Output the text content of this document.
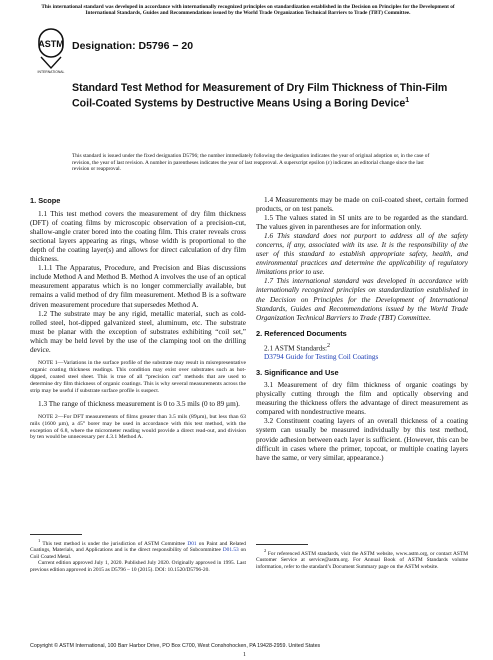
This international standard was developed in accordance with internationally recognized principles on standardization established in the Decision on Principles for the Development of International Standards, Guides and Recommendations issued by the World Trade Organization Technical Barriers to Trade (TBT) Committee.
ASTM
INTERNATIONAL
Designation: D5796 − 20
Standard Test Method for Measurement of Dry Film Thickness of Thin-Film Coil-Coated Systems by Destructive Means Using a Boring Device$^1$
This standard is issued under the fixed designation D5796; the number immediately following the designation indicates the year of original adoption or, in the case of revision, the year of last revision. A number in parentheses indicates the year of last reapproval. A superscript epsilon (ε) indicates an editorial change since the last revision or reapproval.

1. Scope

1.1 This test method covers the measurement of dry film thickness (DFT) of coating films by microscopic observation of a precision-cut, shallow-angle crater bored into the coating film. This crater reveals cross sectional layers appearing as rings, whose width is proportional to the depth of the coating layer(s) and allows for direct calculation of dry film thickness.

1.1.1 The Apparatus, Procedure, and Precision and Bias discussions include Method A and Method B. Method A involves the use of an optical measurement apparatus which is no longer commercially available, but remains a valid method of dry film measurement. Method B is a software driven measurement procedure that supersedes Method A.

1.2 The substrate may be any rigid, metallic material, such as cold-rolled steel, hot-dipped galvanized steel, aluminum, etc. The substrate must be planar with the exception of substrates exhibiting “coil set,” which may be held level by the use of the clamping tool on the drilling device.

NOTE 1—Variations in the surface profile of the substrate may result in misrepresentative organic coating thickness readings. This condition may exist over substrates such as hot-dipped, coated steel sheet. This is true of all “precision cut” methods that are used to determine dry film thickness of organic coatings. This is why several measurements across the strip may be useful if substrate surface profile is suspect.

1.3 The range of thickness measurement is 0 to 3.5 mils (0 to 89 µm).

NOTE 2—For DFT measurements of films greater than 3.5 mils (89µm), but less than 63 mils (1600 µm), a 45° borer may be used in accordance with this test method, with the exception of 6.8, where the micrometer reading would provide a direct read-out, and division by ten would be unnecessary per 4.3.1 Method A.

$^1$ This test method is under the jurisdiction of ASTM Committee D01 on Paint and Related Coatings, Materials, and Applications and is the direct responsibility of Subcommittee D01.53 on Coil Coated Metal.

Current edition approved July 1, 2020. Published July 2020. Originally approved in 1995. Last previous edition approved in 2015 as D5796 – 10 (2015). DOI: 10.1520/D5796-20.

1.4 Measurements may be made on coil-coated sheet, certain formed products, or on test panels.

1.5 The values stated in SI units are to be regarded as the standard. The values given in parentheses are for information only.

1.6 This standard does not purport to address all of the safety concerns, if any, associated with its use. It is the responsibility of the user of this standard to establish appropriate safety, health, and environmental practices and determine the applicability of regulatory limitations prior to use.

1.7 This international standard was developed in accordance with internationally recognized principles on standardization established in the Decision on Principles for the Development of International Standards, Guides and Recommendations issued by the World Trade Organization Technical Barriers to Trade (TBT) Committee.

2. Referenced Documents

2.1 ASTM Standards:$^2$

D3794 Guide for Testing Coil Coatings

3. Significance and Use

3.1 Measurement of dry film thickness of organic coatings by physically cutting through the film and optically observing and measuring the thickness offers the advantage of direct measurement as compared with nondestructive means.

3.2 Constituent coating layers of an overall thickness of a coating system can usually be measured individually by this test method, provide adhesion between each layer is sufficient. (However, this can be difficult in cases where the primer, topcoat, or multiple coating layers have the same, or very similar, appearance.)

$^2$ For referenced ASTM standards, visit the ASTM website, www.astm.org, or contact ASTM Customer Service at service@astm.org. For Annual Book of ASTM Standards volume information, refer to the standard’s Document Summary page on the ASTM website.

Copyright © ASTM International, 100 Barr Harbor Drive, PO Box C700, West Conshohocken, PA 19428-2959. United States
1
